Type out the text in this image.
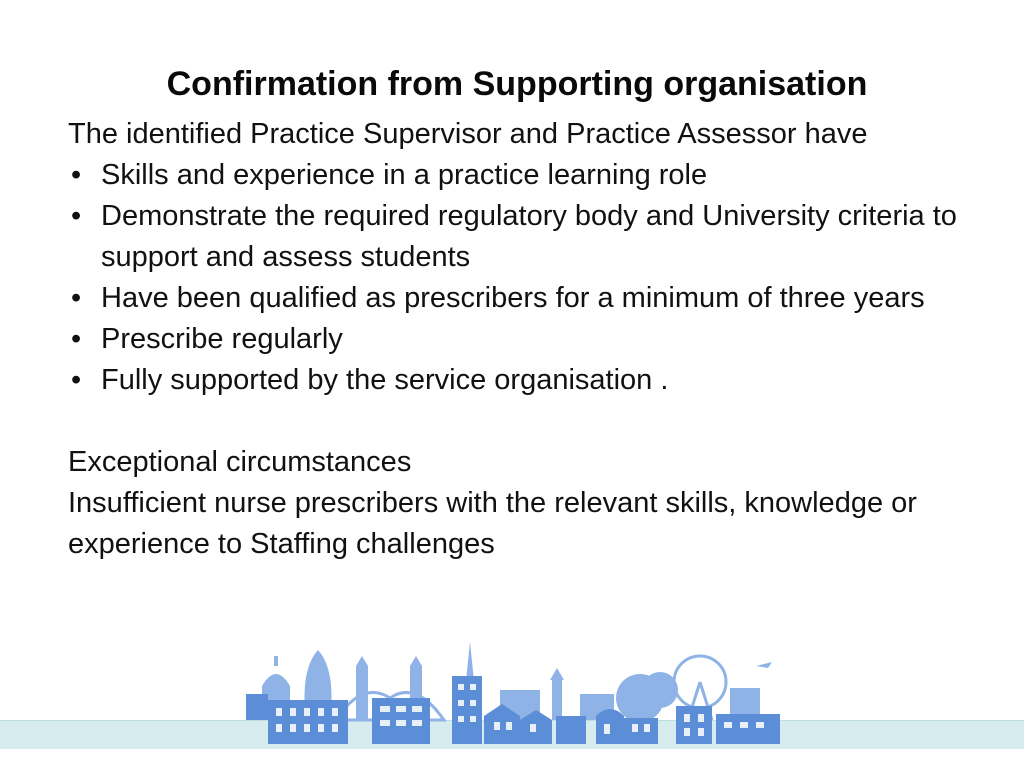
Confirmation from Supporting organisation

The identified Practice Supervisor and Practice Assessor have

• Skills and experience in a practice learning role
• Demonstrate the required regulatory body and University criteria to support and assess students
• Have been qualified as prescribers for a minimum of three years
• Prescribe regularly
• Fully supported by the service organisation .

Exceptional circumstances

Insufficient nurse prescribers with the relevant skills, knowledge or experience to Staffing challenges
